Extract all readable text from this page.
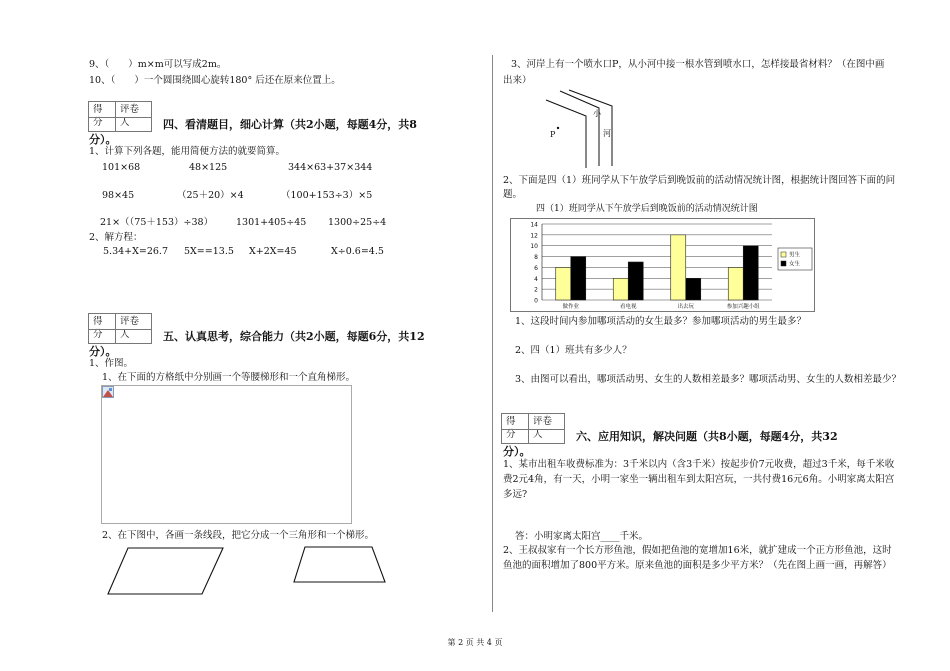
9、（　　）m×m可以写成2m。
10、（　　）一个圆围绕圆心旋转180° 后还在原来位置上。
得分
评卷人	四、看清题目，细心计算（共2小题，每题4分，共8
分）。
1、计算下列各题，能用简便方法的就要简算。
101×68	48×125	344×63+37×344
98×45	（25＋20）×4	（100+153÷3）×5
21×（（75＋153）÷38） 1301+405÷45 1300÷25÷4
2、解方程：
5.34+X=26.7 5X==13.5 X+2X=45	X÷0.6=4.5
得分
评卷人	五、认真思考，综合能力（共2小题，每题6分，共12
分）。
1、作图。
1、在下面的方格纸中分别画一个等腰梯形和一个直角梯形。
2、在下图中，各画一条线段，把它分成一个三角形和一个梯形。
3、河岸上有一个喷水口P，从小河中接一根水管到喷水口，怎样接最省材料？（在图中画
出来）
小
河
P
2、下面是四（1）班同学从下午放学后到晚饭前的活动情况统计图，根据统计图回答下面的问
题。
四（1）班同学从下午放学后到晚饭前的活动情况统计图
0
2
4
6
8
10
12
14
做作业	看电视	出去玩	参加兴趣小组
男生
女生
1、这段时间内参加哪项活动的女生最多？参加哪项活动的男生最多？
2、四（1）班共有多少人？
3、由图可以看出，哪项活动男、女生的人数相差最多？哪项活动男、女生的人数相差最少？
得分
评卷人	六、应用知识，解决问题（共8小题，每题4分，共32
分）。
1、某市出租车收费标准为：3千米以内（含3千米）按起步价7元收费，超过3千米，每千米收
费2元4角，有一天，小明一家坐一辆出租车到太阳宫玩，一共付费16元6角。小明家离太阳宫
多远?
答：小明家离太阳宫____千米。
2、王叔叔家有一个长方形鱼池，假如把鱼池的宽增加16米，就扩建成一个正方形鱼池，这时
鱼池的面积增加了800平方米。原来鱼池的面积是多少平方米？（先在图上画一画，再解答）
第 2 页 共 4 页
